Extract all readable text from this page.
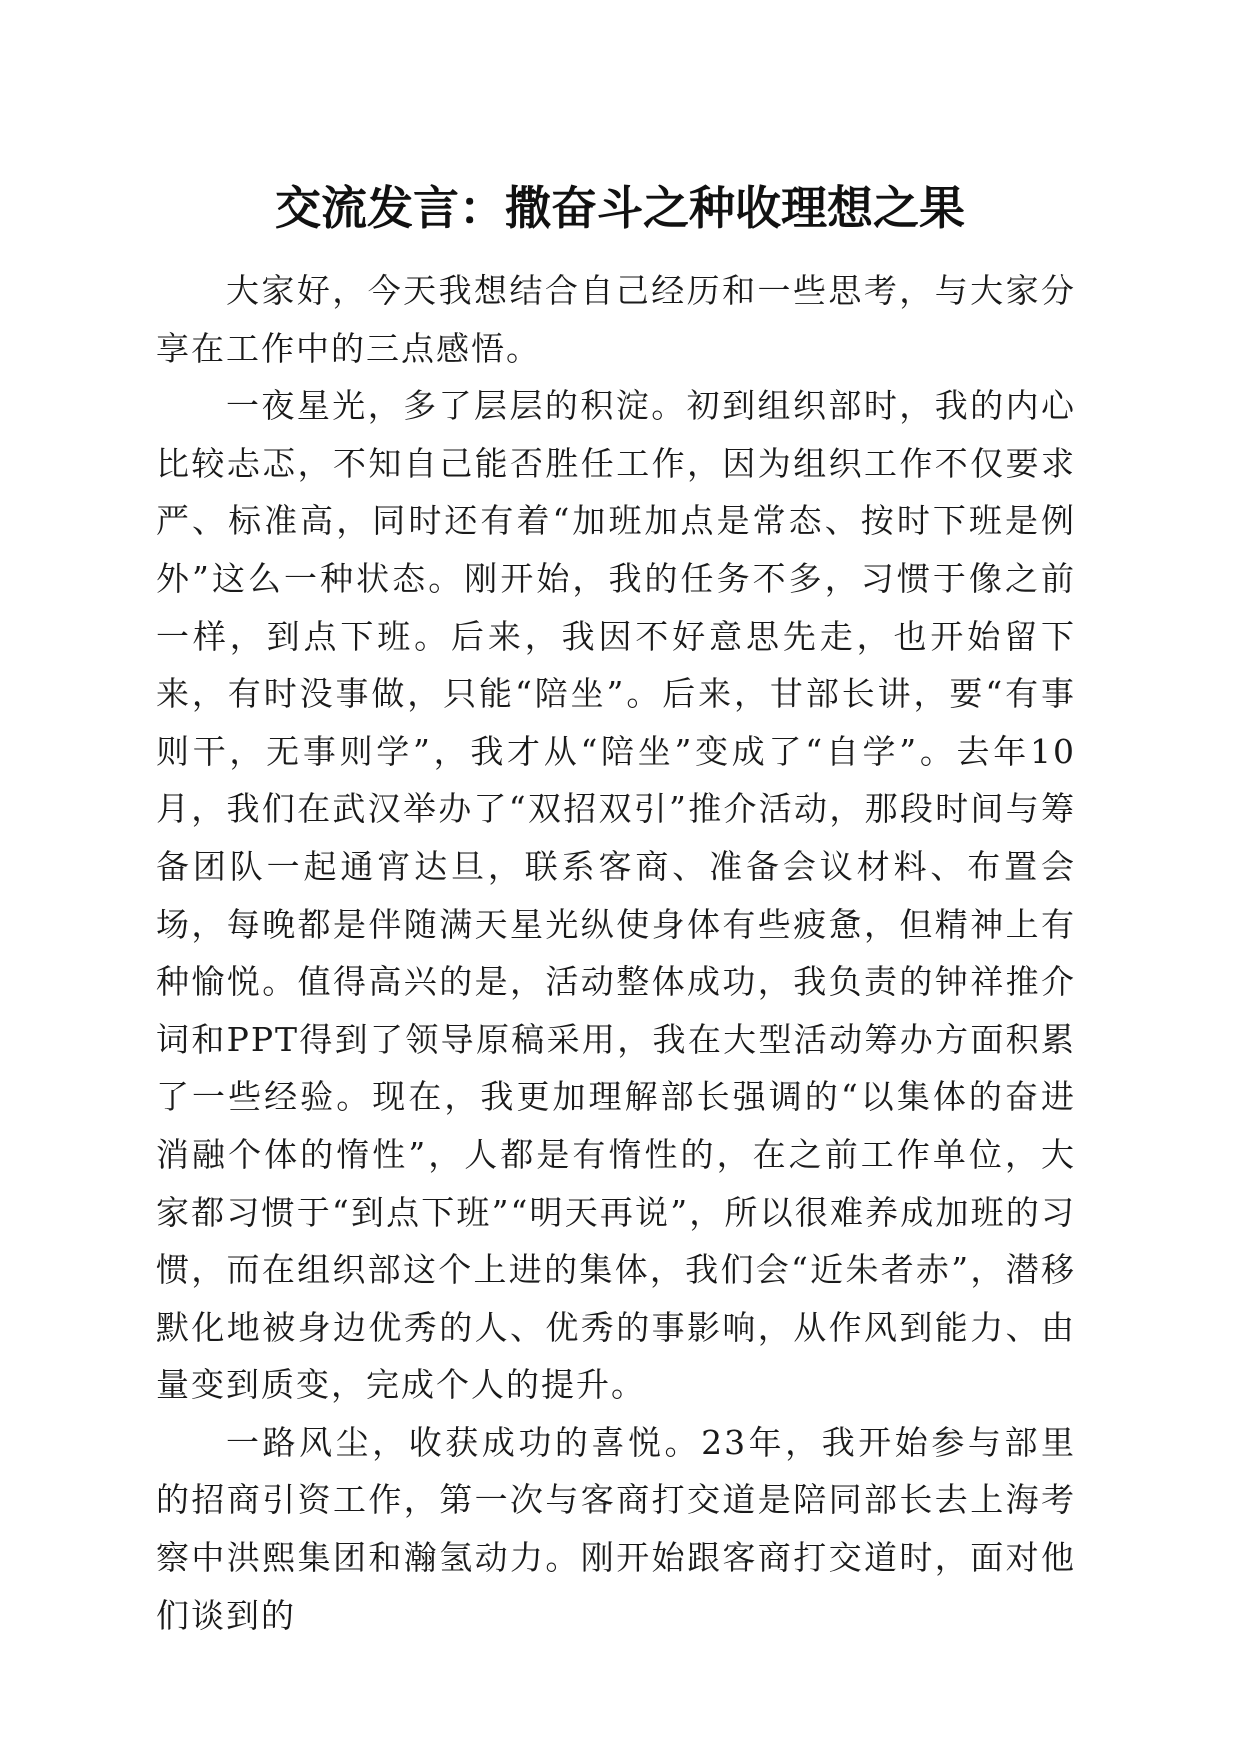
交流发言：撒奋斗之种收理想之果

大家好，今天我想结合自己经历和一些思考，与大家分享在工作中的三点感悟。

一夜星光，多了层层的积淀。初到组织部时，我的内心比较忐忑，不知自己能否胜任工作，因为组织工作不仅要求严、标准高，同时还有着“加班加点是常态、按时下班是例外”这么一种状态。刚开始，我的任务不多，习惯于像之前一样，到点下班。后来，我因不好意思先走，也开始留下来，有时没事做，只能“陪坐”。后来，甘部长讲，要“有事则干，无事则学”，我才从“陪坐”变成了“自学”。去年10月，我们在武汉举办了“双招双引”推介活动，那段时间与筹备团队一起通宵达旦，联系客商、准备会议材料、布置会场，每晚都是伴随满天星光纵使身体有些疲惫，但精神上有种愉悦。值得高兴的是，活动整体成功，我负责的钟祥推介词和PPT得到了领导原稿采用，我在大型活动筹办方面积累了一些经验。现在，我更加理解部长强调的“以集体的奋进消融个体的惰性”，人都是有惰性的，在之前工作单位，大家都习惯于“到点下班”“明天再说”，所以很难养成加班的习惯，而在组织部这个上进的集体，我们会“近朱者赤”，潜移默化地被身边优秀的人、优秀的事影响，从作风到能力、由量变到质变，完成个人的提升。

一路风尘，收获成功的喜悦。23年，我开始参与部里的招商引资工作，第一次与客商打交道是陪同部长去上海考察中洪熙集团和瀚氢动力。刚开始跟客商打交道时，面对他们谈到的
